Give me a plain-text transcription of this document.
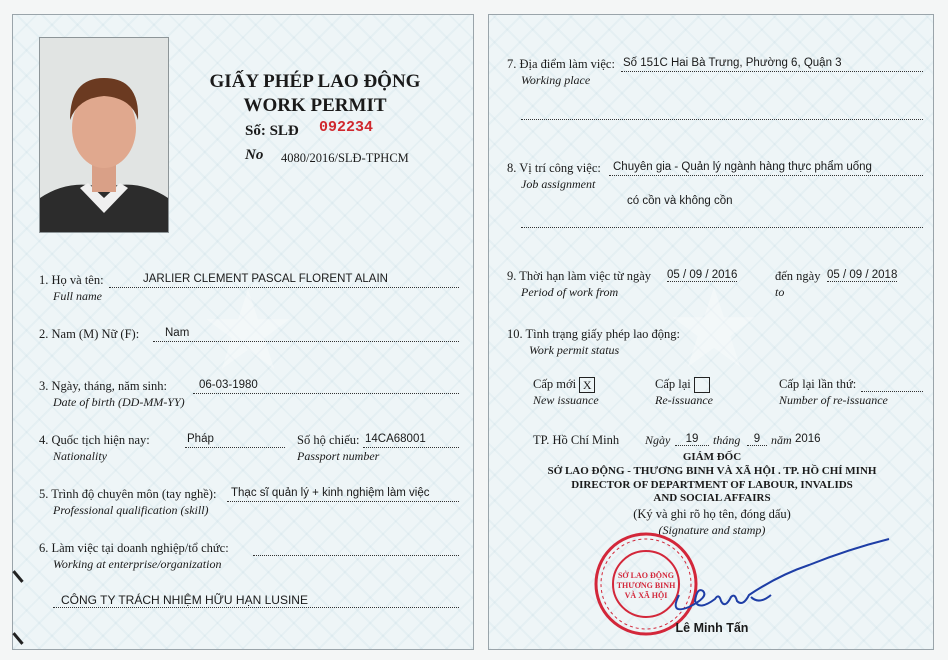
GIẤY PHÉP LAO ĐỘNG
WORK PERMIT
Số: SLĐ 092234
No 4080/2016/SLĐ-TPHCM
1. Họ và tên:	JARLIER CLEMENT PASCAL FLORENT ALAIN
Full name
2. Nam (M) Nữ (F): Nam
3. Ngày, tháng, năm sinh:	06-03-1980
Date of birth (DD-MM-YY)
4. Quốc tịch hiện nay:	Pháp
Nationality
Số hộ chiếu: 14CA68001
Passport number
5. Trình độ chuyên môn (tay nghề): Thạc sĩ quản lý + kinh nghiệm làm việc
Professional qualification (skill)
6. Làm việc tại doanh nghiệp/tổ chức:
Working at enterprise/organization
CÔNG TY TRÁCH NHIỆM HỮU HẠN LUSINE
7. Địa điểm làm việc: Số 151C Hai Bà Trưng, Phường 6, Quận 3
Working place
8. Vị trí công việc: Chuyên gia - Quản lý ngành hàng thực phẩm uống
Job assignment
có cồn và không cồn
9. Thời hạn làm việc từ ngày 05 / 09 / 2016	đến ngày 05 / 09 / 2018
Period of work from	to
10. Tình trạng giấy phép lao động:
Work permit status
Cấp mới X
New issuance
Cấp lại
Re-issuance
Cấp lại lần thứ:
Number of re-issuance
TP. Hồ Chí Minh Ngày	19	tháng	9 năm 2016
GIÁM ĐỐC
SỞ LAO ĐỘNG - THƯƠNG BINH VÀ XÃ HỘI . TP. HỒ CHÍ MINH
DIRECTOR OF DEPARTMENT OF LABOUR, INVALIDS
AND SOCIAL AFFAIRS
(Ký và ghi rõ họ tên, đóng dấu)
(Signature and stamp)
SỞ LAO ĐỘNG THƯƠNG BINH VÀ XÃ HỘI
Lê Minh Tấn
